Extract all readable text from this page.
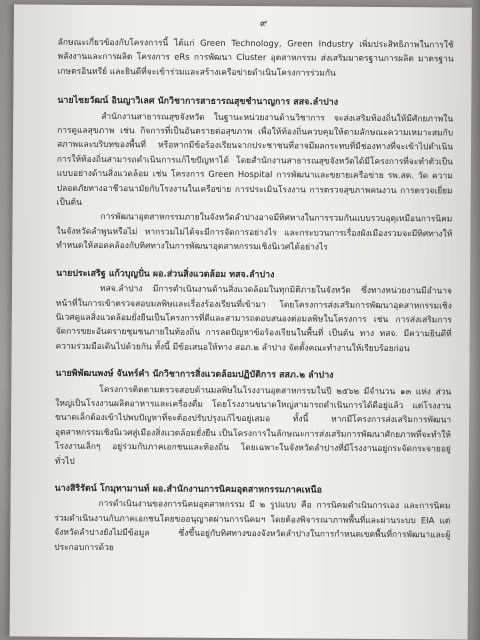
๙

ลักษณะเกี่ยวข้องกับโครงการนี้ ได้แก่ Green Technology, Green Industry เพิ่มประสิทธิภาพในการใช้พลังงานและการผลิต โครงการ eRs การพัฒนา Cluster อุตสาหกรรม ส่งเสริมมาตรฐานการผลิต มาตรฐานเกษตรอินทรีย์ และยินดีที่จะเข้าร่วมและสร้างเครือข่ายดำเนินโครงการร่วมกัน

นายไชยวัฒน์ อินญาวิเลศ นักวิชาการสาธารณสุขชำนาญการ สสจ.ลำปาง

สำนักงานสาธารณสุขจังหวัด ในฐานะหน่วยงานด้านวิชาการ จะส่งเสริมท้องถิ่นให้มีศักยภาพในการดูแลสุขภาพ เช่น กิจการที่เป็นอันตรายต่อสุขภาพ เพื่อให้ท้องถิ่นควบคุมให้ตามลักษณะความเหมาะสมกับสภาพและบริบทของพื้นที่ หรือหากมีข้อร้องเรียนจากประชาชนที่อาจมีผลกระทบที่มีช่องทางที่จะเข้าไปดำเนินการให้ท้องถิ่นสามารถดำเนินการแก้ไขปัญหาได้ โดยสำนักงานสาธารณสุขจังหวัดได้มีโครงการที่จะทำตัวเป็นแบบอย่างด้านสิ่งแวดล้อม เช่น โครงการ Green Hospital การพัฒนาและขยายเครือข่าย รพ.สต. วัด ความปลอดภัยทางอาชีวอนามัยกับโรงงานในเครือข่าย การประเมินโรงงาน การตรวจสุขภาพคนงาน การตรวจเยี่ยม เป็นต้น

การพัฒนาอุตสาหกรรมภายในจังหวัดลำปางอาจมีทิศทางในการรวมกันแบบรวบอุตุเหมือนการนิคมในจังหวัดลำพูนหรือไม่ หากรวมไม่ได้จะมีการจัดการอย่างไร และกระบวนการเรื่องผังเมืองรวมจะมีทิศทางให้ทำหนดให้สอดคล้องกับทิศทางในการพัฒนาอุตสาหกรรมเชิงนิเวศได้อย่างไร

นายประเสริฐ แก้วบุญปั่น ผอ.ส่วนสิ่งแวดล้อม ทสจ.ลำปาง

ทสจ.ลำปาง มีการดำเนินงานด้านสิ่งแวดล้อมในทุกมิติภายในจังหวัด ซึ่งทางหน่วยงานมีอำนาจหน้าที่ในการเข้าตรวจสอบมลพิษและเรื่องร้องเรียนที่เข้ามา โดยโครงการส่งเสริมการพัฒนาอุตสาหกรรมเชิงนิเวศดูแลสิ่งแวดล้อมยั่งยืนเป็นโครงการที่ดีและสามารถตอบสนองต่อมลพิษในโครงการ เช่น การส่งเสริมการจัดการขยะอันตรายชุมชนภายในท้องถิ่น การลดปัญหาข้อร้องเรียนในพื้นที่ เป็นต้น ทาง ทสจ. มีความยินดีที่ความร่วมมือเดินไปด้วยกัน ทั้งนี้ มีข้อเสนอให้ทาง สอภ.๒ ลำปาง จัดตั้งคณะทำงานให้เรียบร้อยก่อน

นายพิพัฒนพงษ์ จันทร์คำ นักวิชาการสิ่งแวดล้อมปฏิบัติการ สสภ.๒ ลำปาง

โครงการติดตามตรวจสอบด้านมลพิษในโรงงานอุตสาหกรรมในปี ๒๕๖๒ มีจำนวน ๑๓ แห่ง ส่วนใหญ่เป็นโรงงานผลิตอาหารและเครื่องดื่ม โดยโรงงานขนาดใหญ่สามารถดำเนินการได้ดีอยู่แล้ว แต่โรงงานขนาดเล็กต้องเข้าไปพบปัญหาที่จะต้องปรับปรุงแก้ไขอยู่เสมอ ทั้งนี้ หากมีโครงการส่งเสริมการพัฒนาอุตสาหกรรมเชิงนิเวศสู่เมืองสิ่งแวดล้อมยั่งยืน เป็นโครงการในลักษณะการส่งเสริมการพัฒนาศักยภาพที่จะทำให้โรงงานเล็กๆ อยู่ร่วมกับภาคเอกชนและท้องถิ่น โดยเฉพาะในจังหวัดลำปางที่มีโรงงานอยู่กระจัดกระจายอยู่ทั่วไป

นางสิริรัตน์ โกมุทามานท์ ผอ.สำนักงานการนิคมอุตสาหกรรมภาคเหนือ

การดำเนินงานของการนิคมอุตสาหกรรม มี ๒ รูปแบบ คือ การนิคมดำเนินการเอง และการนิคมร่วมดำเนินงานกับภาคเอกชนโดยขออนุญาตผ่านการนิคมฯ โดยต้องพิจารณาภาพพื้นที่และผ่านระบบ EIA แต่จังหวัดลำปางยังไม่มีข้อมูล ซึ่งขึ้นอยู่กับทิศทางของจังหวัดลำปางในการกำหนดเขตพื้นที่การพัฒนาและผู้ประกอบการด้วย
